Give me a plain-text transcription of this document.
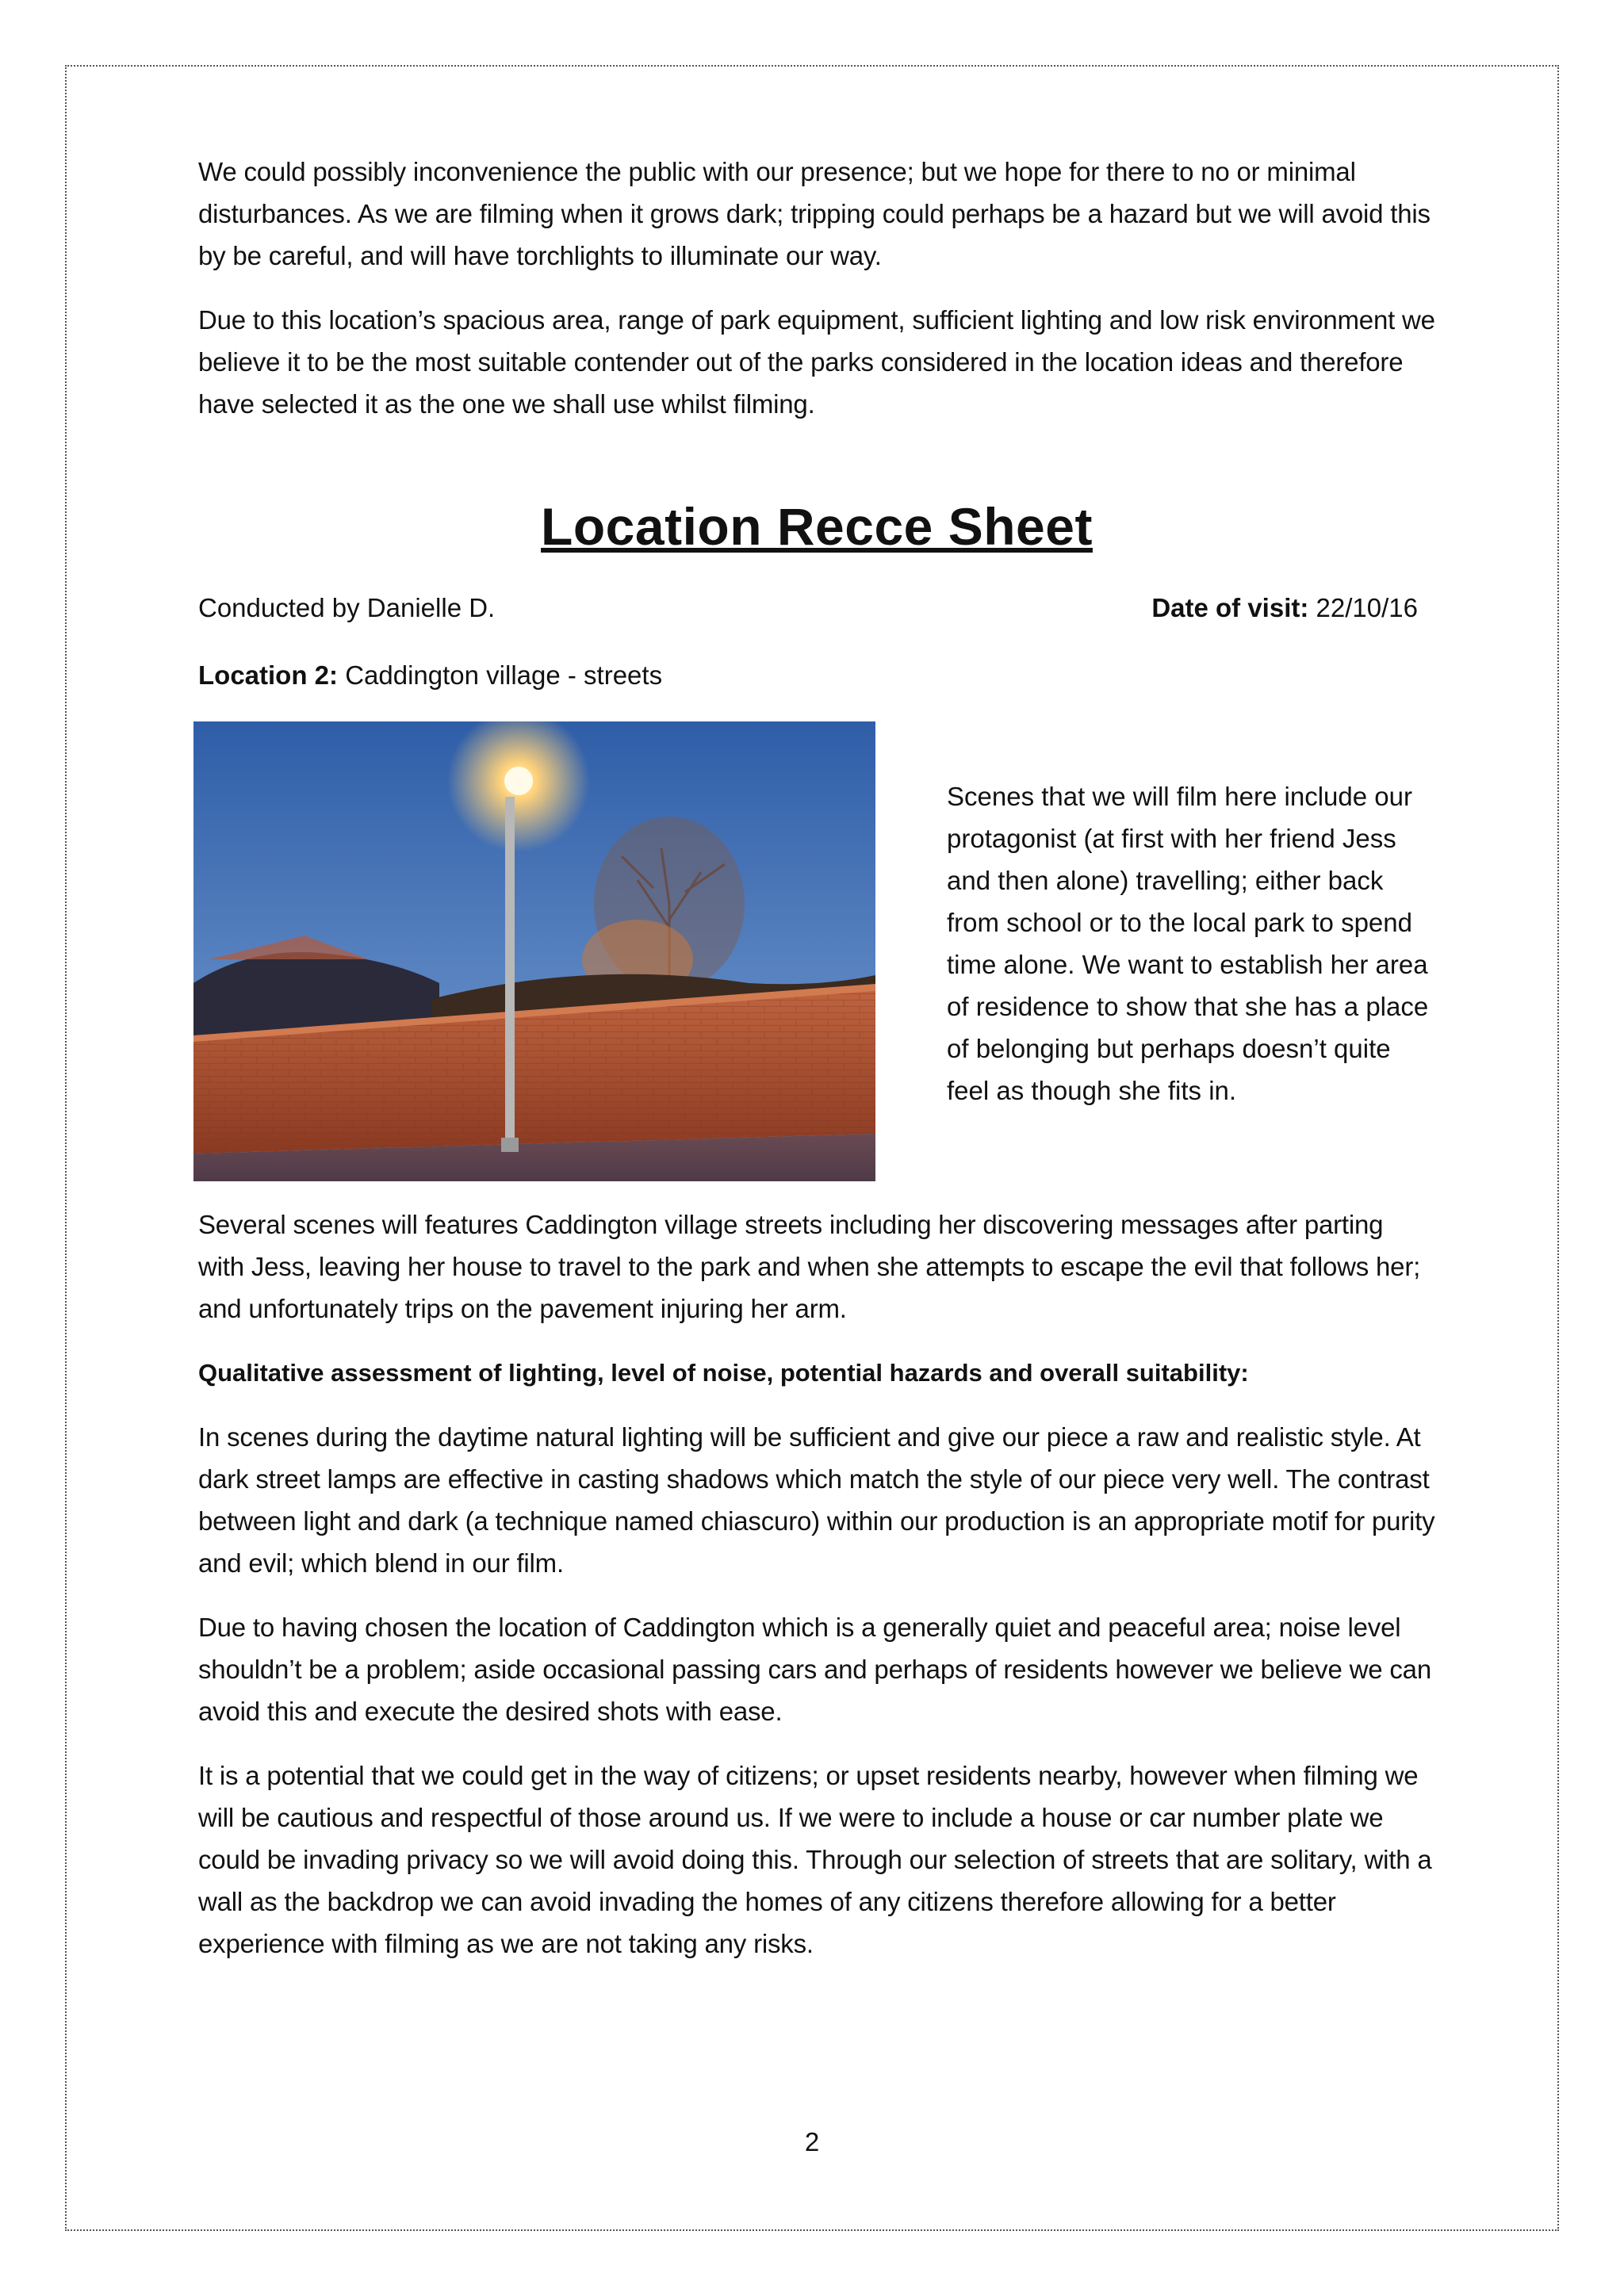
We could possibly inconvenience the public with our presence; but we hope for there to no or minimal disturbances. As we are filming when it grows dark; tripping could perhaps be a hazard but we will avoid this by be careful, and will have torchlights to illuminate our way.

Due to this location’s spacious area, range of park equipment, sufficient lighting and low risk environment we believe it to be the most suitable contender out of the parks considered in the location ideas and therefore have selected it as the one we shall use whilst filming.

Location Recce Sheet
Conducted by Danielle D.	Date of visit: 22/10/16
Location 2: Caddington village - streets
Scenes that we will film here include our protagonist (at first with her friend Jess and then alone) travelling; either back from school or to the local park to spend time alone. We want to establish her area of residence to show that she has a place of belonging but perhaps doesn’t quite feel as though she fits in.

Several scenes will features Caddington village streets including her discovering messages after parting with Jess, leaving her house to travel to the park and when she attempts to escape the evil that follows her; and unfortunately trips on the pavement injuring her arm.

Qualitative assessment of lighting, level of noise, potential hazards and overall suitability:

In scenes during the daytime natural lighting will be sufficient and give our piece a raw and realistic style. At dark street lamps are effective in casting shadows which match the style of our piece very well. The contrast between light and dark (a technique named chiascuro) within our production is an appropriate motif for purity and evil; which blend in our film.

Due to having chosen the location of Caddington which is a generally quiet and peaceful area; noise level shouldn’t be a problem; aside occasional passing cars and perhaps of residents however we believe we can avoid this and execute the desired shots with ease.

It is a potential that we could get in the way of citizens; or upset residents nearby, however when filming we will be cautious and respectful of those around us. If we were to include a house or car number plate we could be invading privacy so we will avoid doing this. Through our selection of streets that are solitary, with a wall as the backdrop we can avoid invading the homes of any citizens therefore allowing for a better experience with filming as we are not taking any risks.

2
